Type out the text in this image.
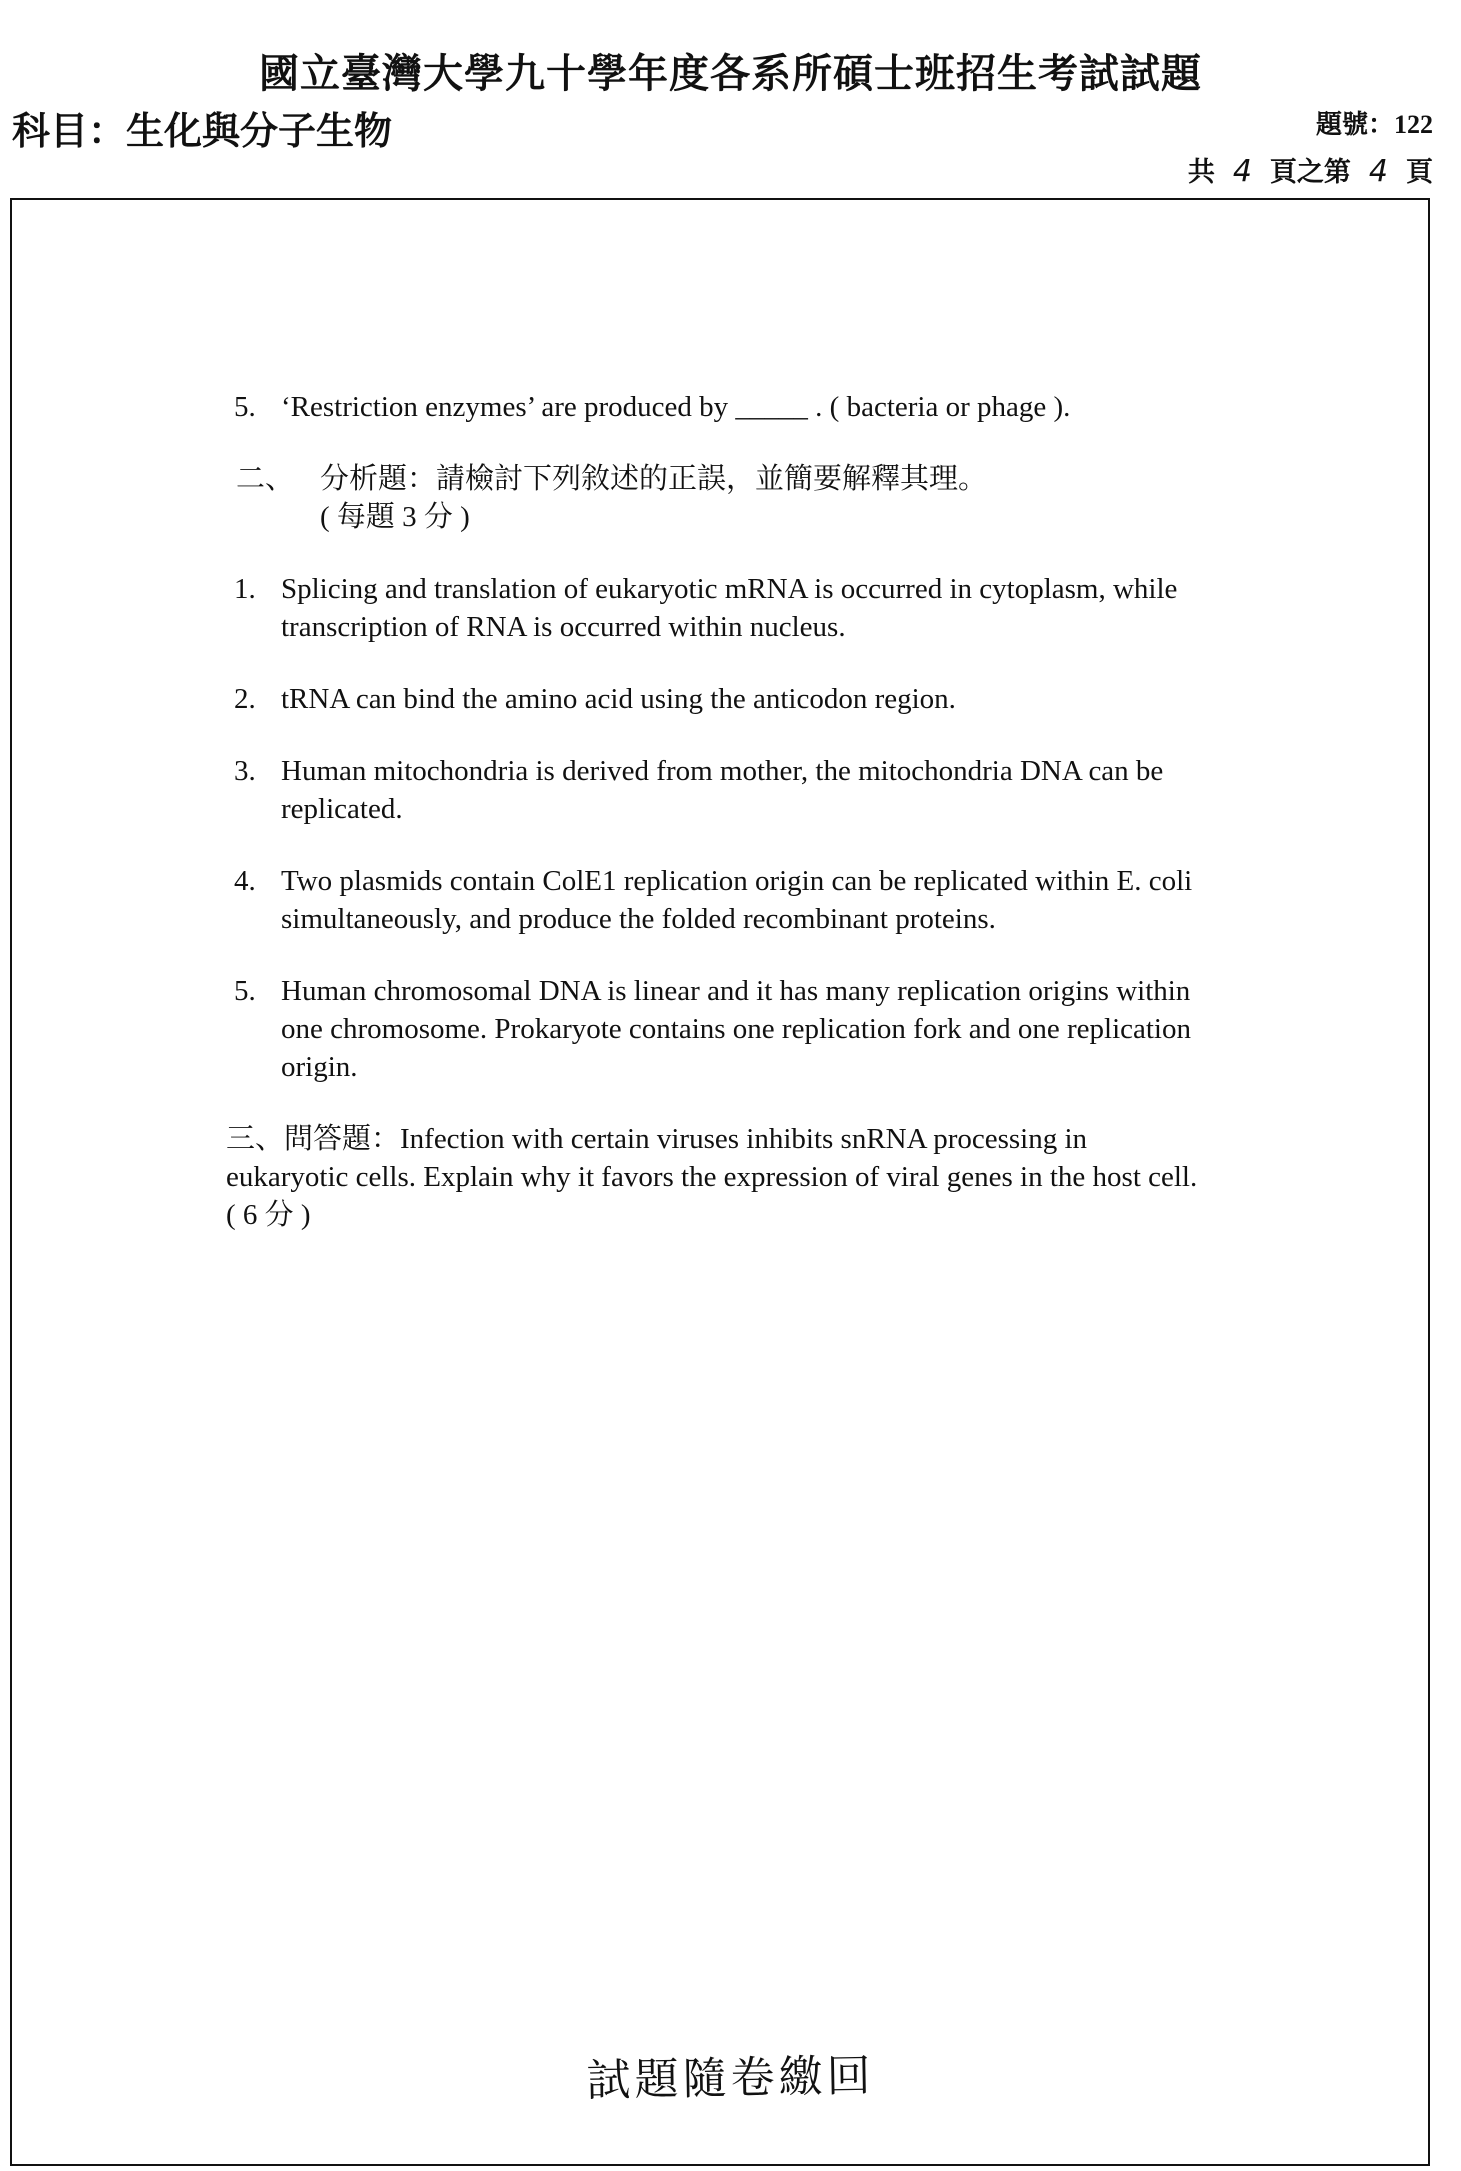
國立臺灣大學九十學年度各系所碩士班招生考試試題
科目：生化與分子生物	題號：122
共 4 頁之第 4 頁
5. ‘Restriction enzymes’ are produced by _____ . ( bacteria or phage ).
二、 分析題：請檢討下列敘述的正誤，並簡要解釋其理。
( 每題 3 分 )
1. Splicing and translation of eukaryotic mRNA is occurred in cytoplasm, while transcription of RNA is occurred within nucleus.
2. tRNA can bind the amino acid using the anticodon region.
3. Human mitochondria is derived from mother, the mitochondria DNA can be replicated.
4. Two plasmids contain ColE1 replication origin can be replicated within E. coli simultaneously, and produce the folded recombinant proteins.
5. Human chromosomal DNA is linear and it has many replication origins within one chromosome. Prokaryote contains one replication fork and one replication origin.
三、問答題：Infection with certain viruses inhibits snRNA processing in eukaryotic cells. Explain why it favors the expression of viral genes in the host cell. ( 6 分 )
試題隨卷繳回
